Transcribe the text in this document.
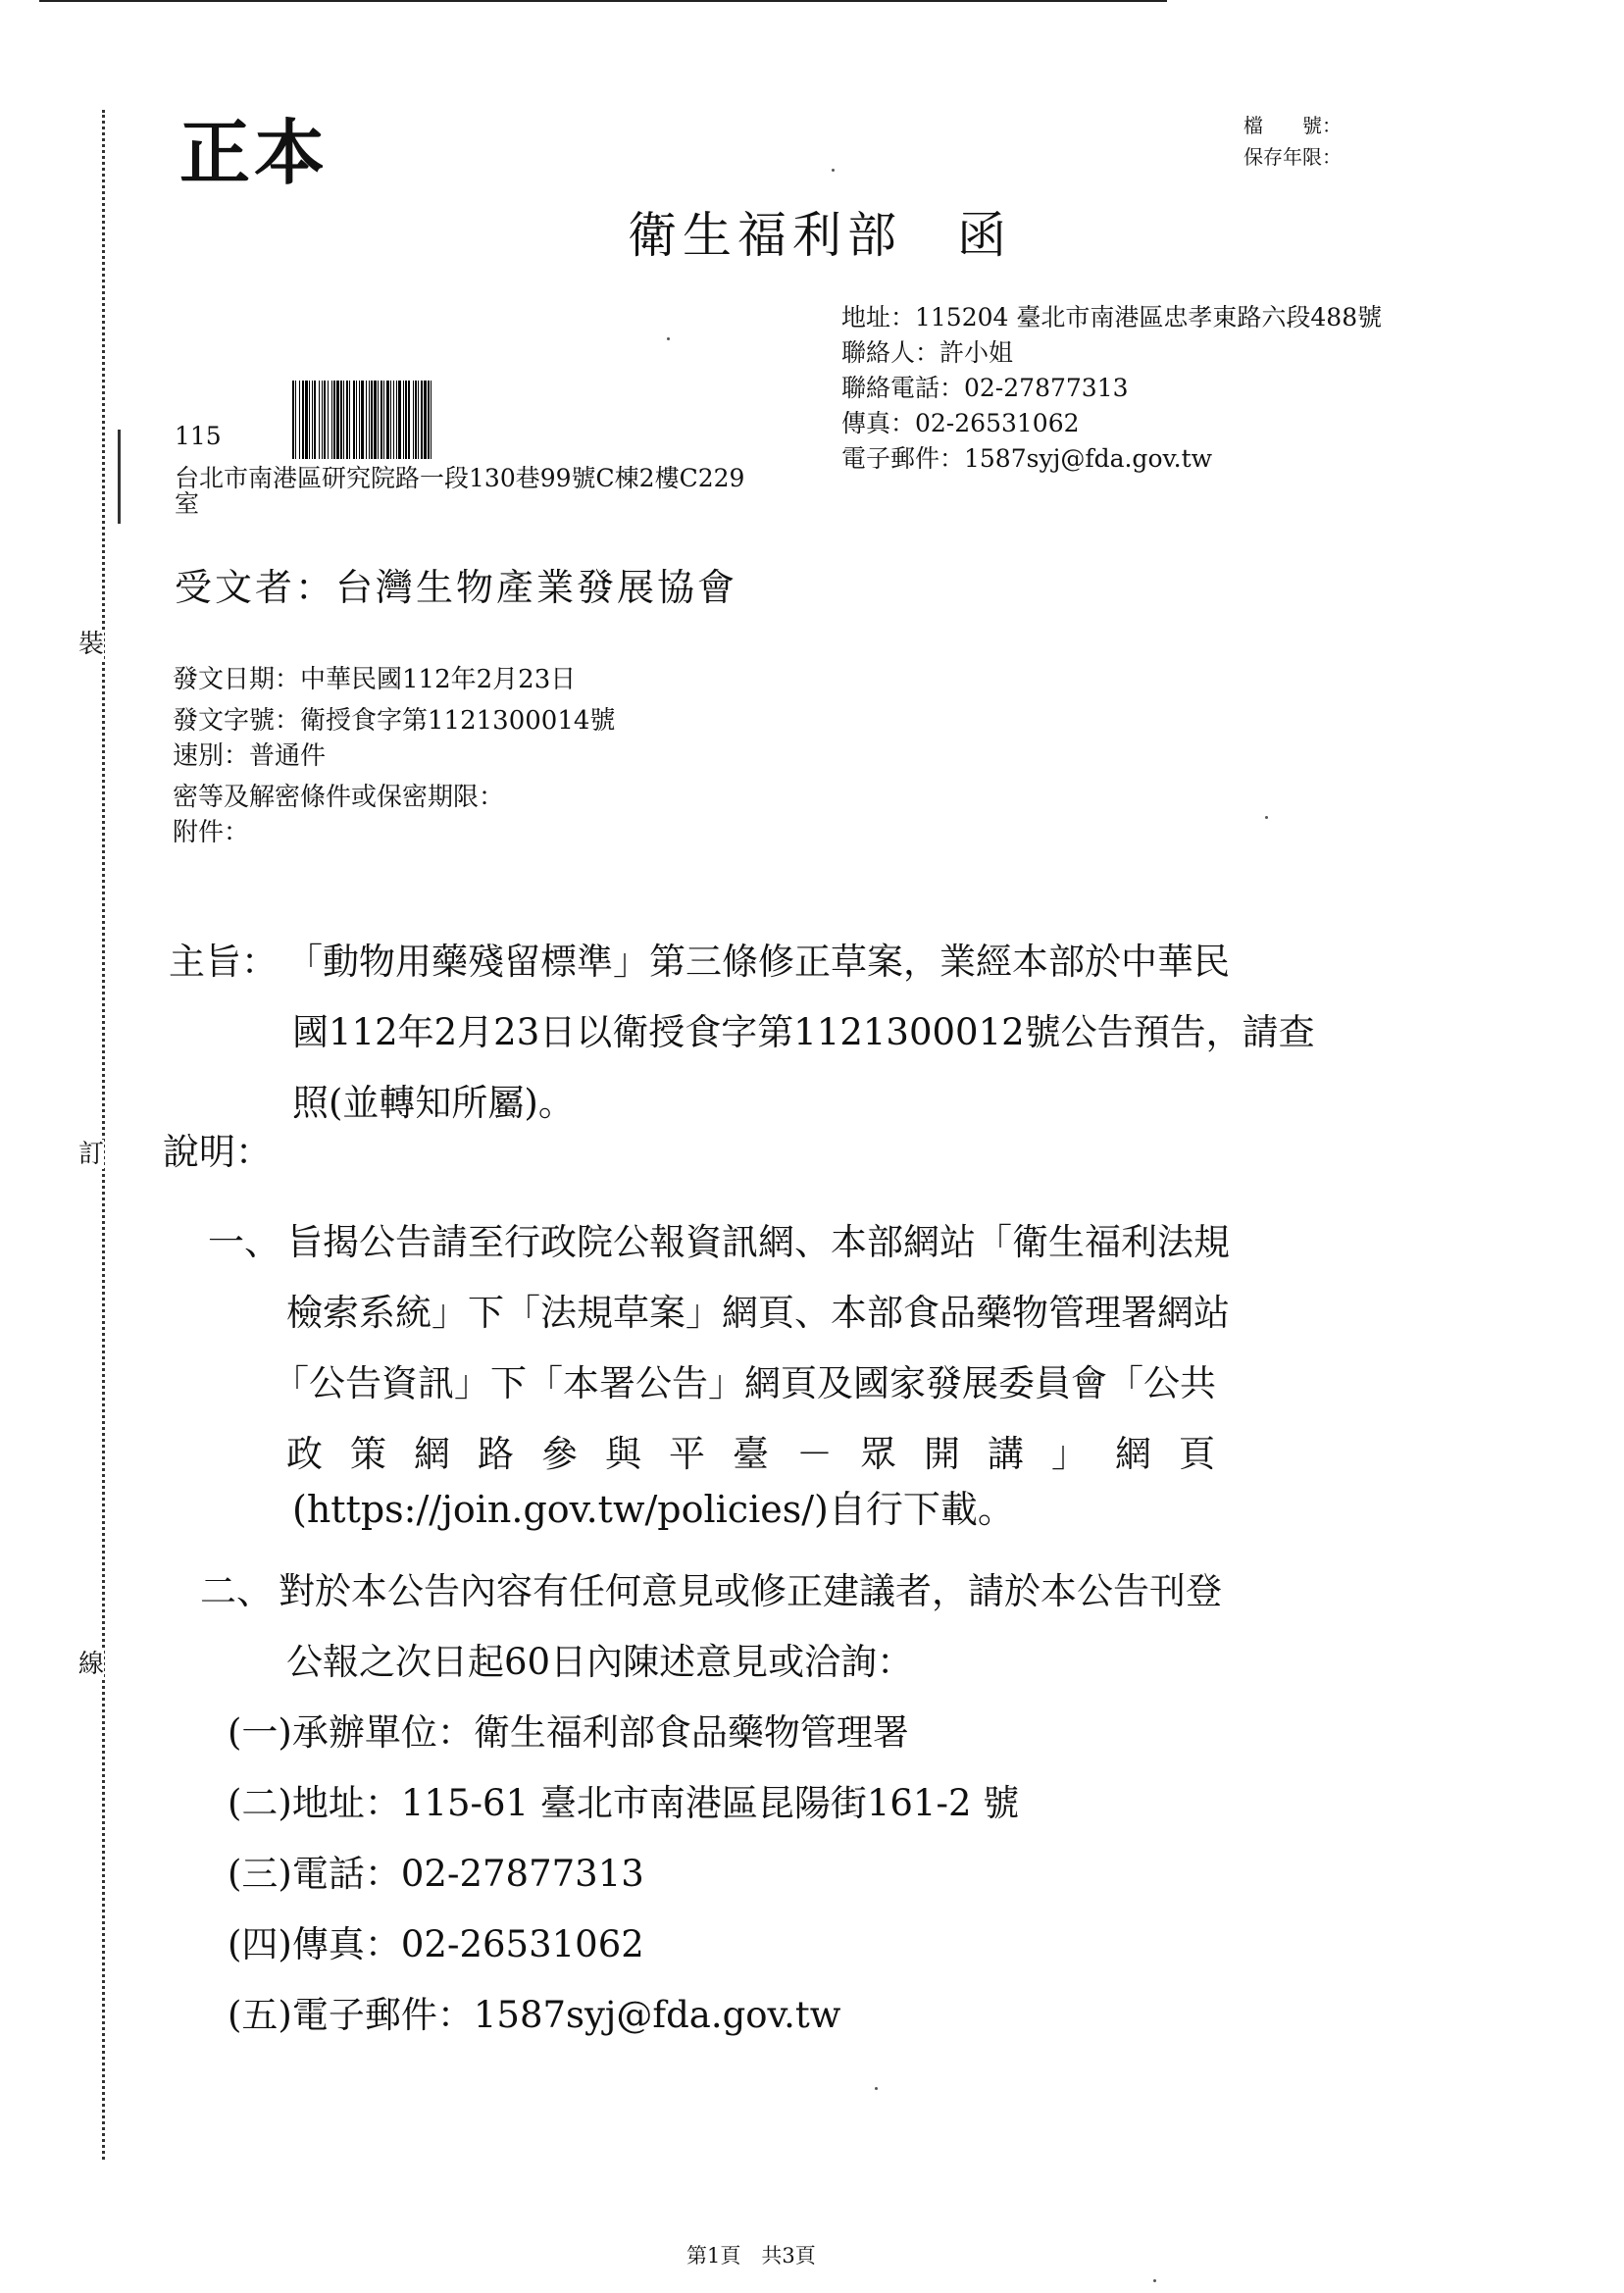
裝
訂
線
正本	檔　　號：
保存年限：
衛生福利部　函
地址：115204 臺北市南港區忠孝東路六段488號
聯絡人：許小姐
聯絡電話：02-27877313
傳真：02-26531062
電子郵件：1587syj@fda.gov.tw
115
台北市南港區研究院路一段130巷99號C棟2樓C229
室
受文者：台灣生物產業發展協會
發文日期：中華民國112年2月23日
發文字號：衛授食字第1121300014號
速別：普通件
密等及解密條件或保密期限：
附件：
主旨： 「動物用藥殘留標準」第三條修正草案，業經本部於中華民
國112年2月23日以衛授食字第1121300012號公告預告，請查
照(並轉知所屬)。
說明：
一、 旨揭公告請至行政院公報資訊網、本部網站「衛生福利法規
檢索系統」下「法規草案」網頁、本部食品藥物管理署網站
「公告資訊」下「本署公告」網頁及國家發展委員會「公共
政策網路參與平臺－眾開講」網頁
(https://join.gov.tw/policies/)自行下載。
二、 對於本公告內容有任何意見或修正建議者，請於本公告刊登
公報之次日起60日內陳述意見或洽詢：
(一)承辦單位：衛生福利部食品藥物管理署
(二)地址：115-61 臺北市南港區昆陽街161-2 號
(三)電話：02-27877313
(四)傳真：02-26531062
(五)電子郵件：1587syj@fda.gov.tw
第1頁　共3頁
